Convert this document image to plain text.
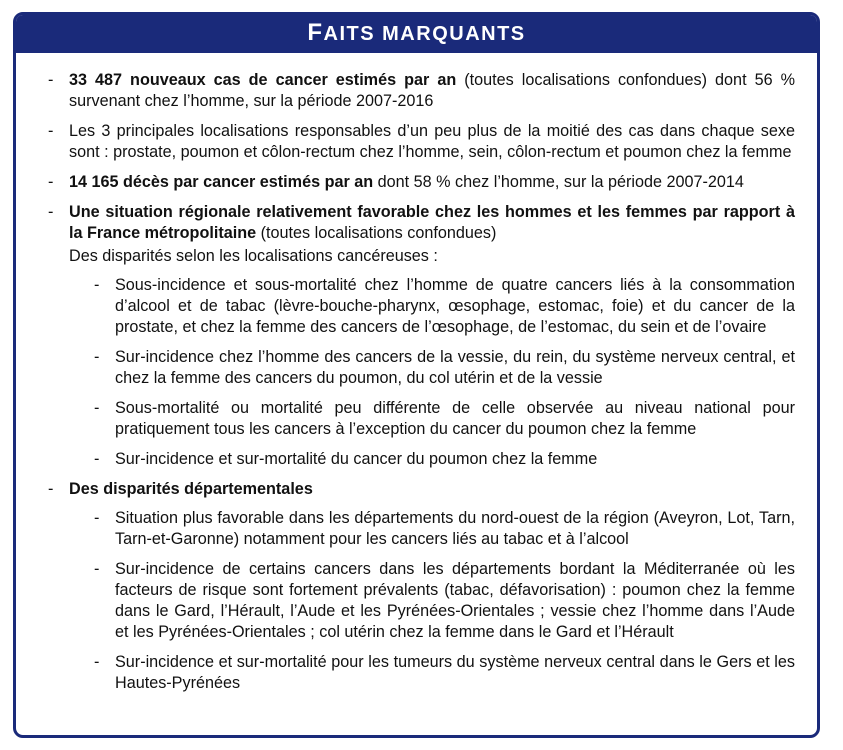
FAITS MARQUANTS
- 33 487 nouveaux cas de cancer estimés par an (toutes localisations confondues) dont 56 % survenant chez l’homme, sur la période 2007-2016
- Les 3 principales localisations responsables d’un peu plus de la moitié des cas dans chaque sexe sont : prostate, poumon et côlon-rectum chez l’homme, sein, côlon-rectum et poumon chez la femme
- 14 165 décès par cancer estimés par an dont 58 % chez l’homme, sur la période 2007-2014
- Une situation régionale relativement favorable chez les hommes et les femmes par rapport à la France métropolitaine (toutes localisations confondues)
Des disparités selon les localisations cancéreuses :
- Sous-incidence et sous-mortalité chez l’homme de quatre cancers liés à la consommation d’alcool et de tabac (lèvre-bouche-pharynx, œsophage, estomac, foie) et du cancer de la prostate, et chez la femme des cancers de l’œsophage, de l’estomac, du sein et de l’ovaire
- Sur-incidence chez l’homme des cancers de la vessie, du rein, du système nerveux central, et chez la femme des cancers du poumon, du col utérin et de la vessie
- Sous-mortalité ou mortalité peu différente de celle observée au niveau national pour pratiquement tous les cancers à l’exception du cancer du poumon chez la femme
- Sur-incidence et sur-mortalité du cancer du poumon chez la femme
- Des disparités départementales
- Situation plus favorable dans les départements du nord-ouest de la région (Aveyron, Lot, Tarn, Tarn-et-Garonne) notamment pour les cancers liés au tabac et à l’alcool
- Sur-incidence de certains cancers dans les départements bordant la Méditerranée où les facteurs de risque sont fortement prévalents (tabac, défavorisation) : poumon chez la femme dans le Gard, l’Hérault, l’Aude et les Pyrénées-Orientales ; vessie chez l’homme dans l’Aude et les Pyrénées-Orientales ; col utérin chez la femme dans le Gard et l’Hérault
- Sur-incidence et sur-mortalité pour les tumeurs du système nerveux central dans le Gers et les Hautes-Pyrénées
